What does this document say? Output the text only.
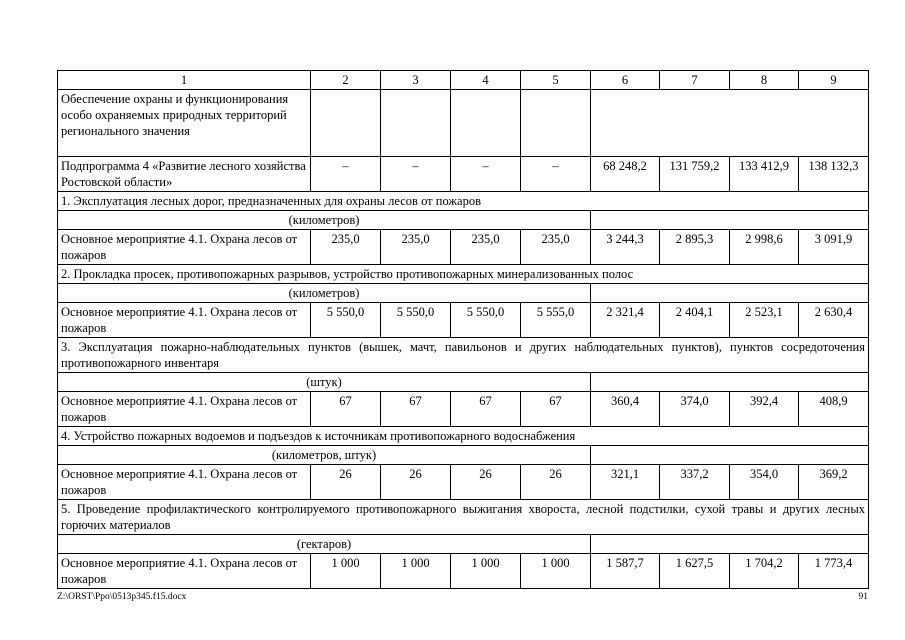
1	2	3	4	5	6	7	8	9
Обеспечение охраны и функционирования особо охраняемых природных территорий регионального значения								
Подпрограмма 4 «Развитие лесного хозяйства Ростовской области»	–	–	–	–	68 248,2	131 759,2	133 412,9	138 132,3
1. Эксплуатация лесных дорог, предназначенных для охраны лесов от пожаров								
(километров)								
Основное мероприятие 4.1. Охрана лесов от пожаров	235,0	235,0	235,0	235,0	3 244,3	2 895,3	2 998,6	3 091,9
2. Прокладка просек, противопожарных разрывов, устройство противопожарных минерализованных полос								
(километров)								
Основное мероприятие 4.1. Охрана лесов от пожаров	5 550,0	5 550,0	5 550,0	5 555,0	2 321,4	2 404,1	2 523,1	2 630,4
3. Эксплуатация пожарно-наблюдательных пунктов (вышек, мачт, павильонов и других наблюдательных пунктов), пунктов сосредоточения противопожарного инвентаря								
(штук)								
Основное мероприятие 4.1. Охрана лесов от пожаров	67	67	67	67	360,4	374,0	392,4	408,9
4. Устройство пожарных водоемов и подъездов к источникам противопожарного водоснабжения								
(километров, штук)								
Основное мероприятие 4.1. Охрана лесов от пожаров	26	26	26	26	321,1	337,2	354,0	369,2
5. Проведение профилактического контролируемого противопожарного выжигания хвороста, лесной подстилки, сухой травы и других лесных горючих материалов								
(гектаров)								
Основное мероприятие 4.1. Охрана лесов от пожаров	1 000	1 000	1 000	1 000	1 587,7	1 627,5	1 704,2	1 773,4
Z:\ORST\Ppo\0513p345.f15.docx	91
